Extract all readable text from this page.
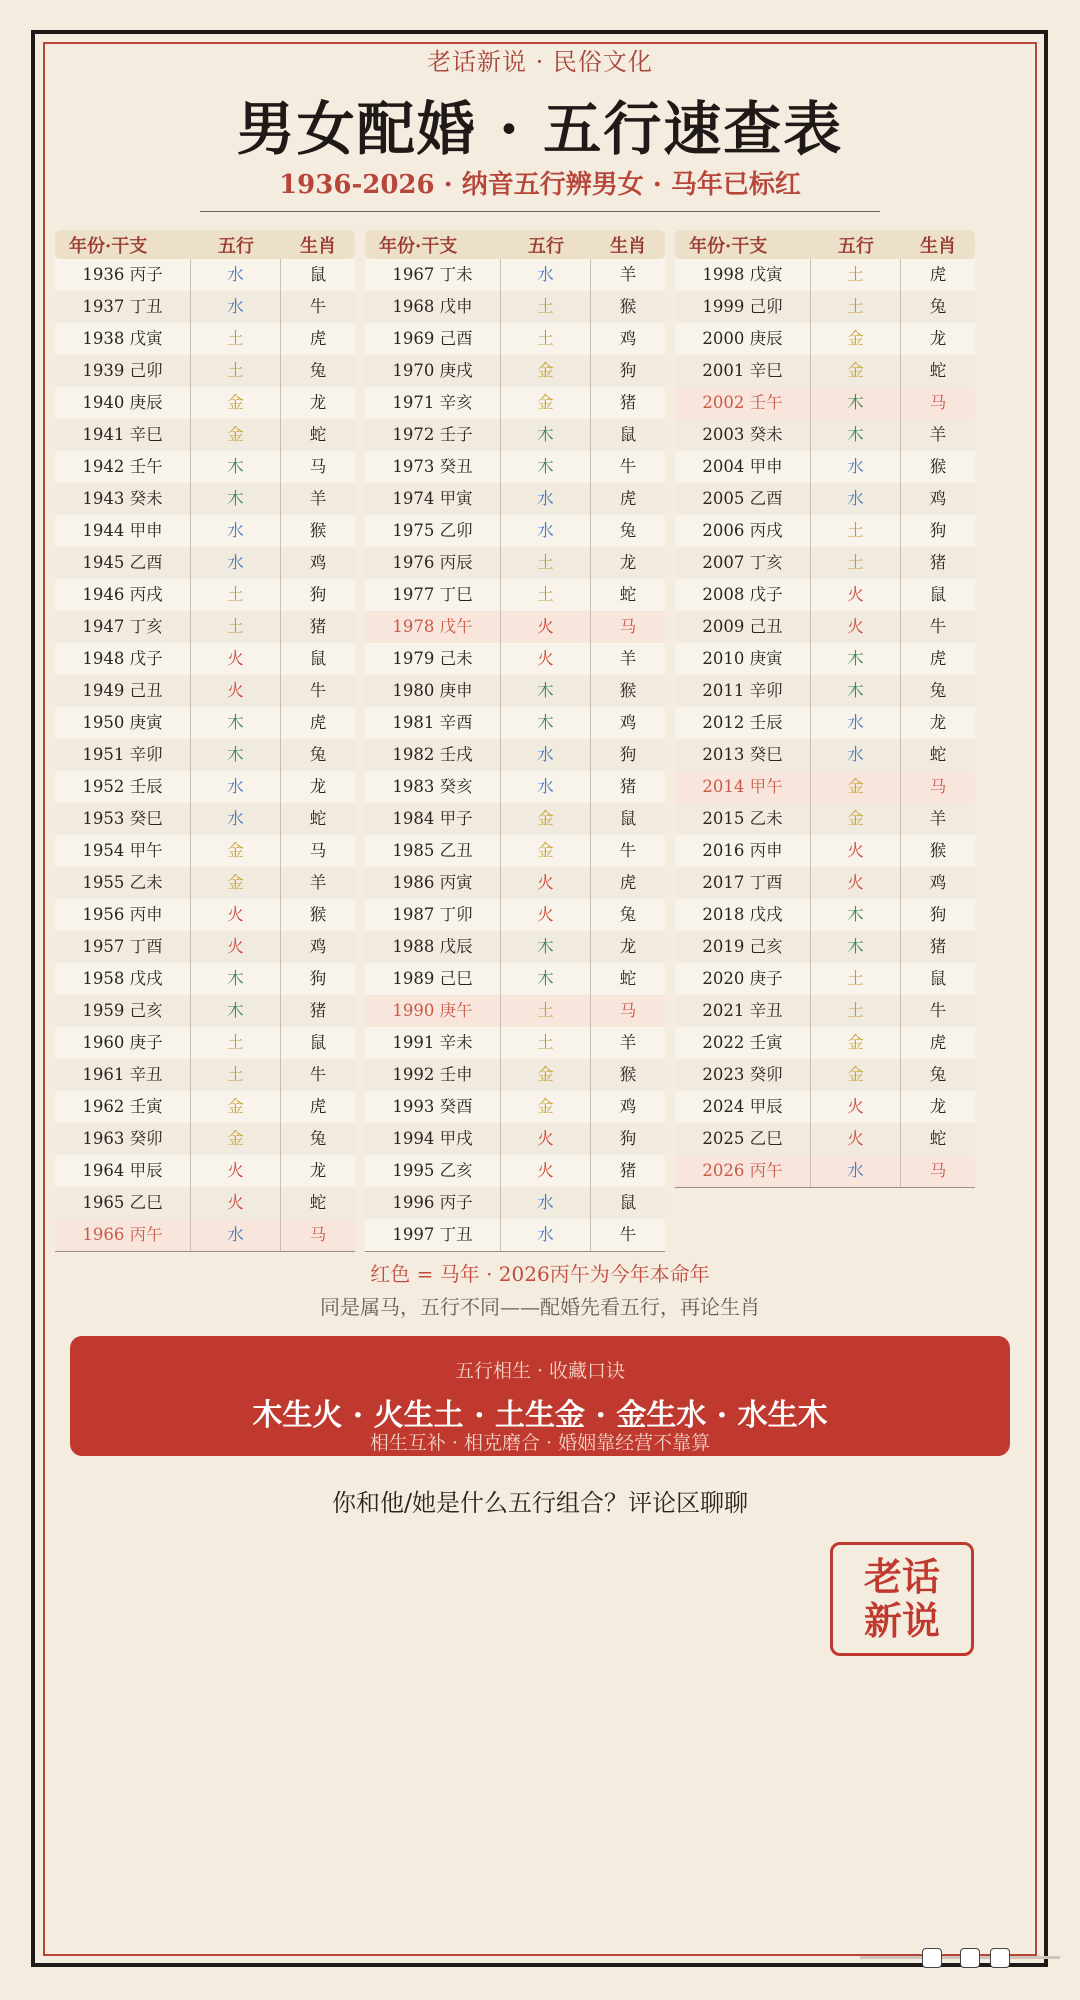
老话新说 · 民俗文化
男女配婚 · 五行速查表
1936-2026 · 纳音五行辨男女 · 马年已标红
年份·干支	五行	生肖
1936 丙子	水	鼠
1937 丁丑	水	牛
1938 戊寅	土	虎
1939 己卯	土	兔
1940 庚辰	金	龙
1941 辛巳	金	蛇
1942 壬午	木	马
1943 癸未	木	羊
1944 甲申	水	猴
1945 乙酉	水	鸡
1946 丙戌	土	狗
1947 丁亥	土	猪
1948 戊子	火	鼠
1949 己丑	火	牛
1950 庚寅	木	虎
1951 辛卯	木	兔
1952 壬辰	水	龙
1953 癸巳	水	蛇
1954 甲午	金	马
1955 乙未	金	羊
1956 丙申	火	猴
1957 丁酉	火	鸡
1958 戊戌	木	狗
1959 己亥	木	猪
1960 庚子	土	鼠
1961 辛丑	土	牛
1962 壬寅	金	虎
1963 癸卯	金	兔
1964 甲辰	火	龙
1965 乙巳	火	蛇
1966 丙午	水	马
年份·干支	五行	生肖
1967 丁未	水	羊
1968 戊申	土	猴
1969 己酉	土	鸡
1970 庚戌	金	狗
1971 辛亥	金	猪
1972 壬子	木	鼠
1973 癸丑	木	牛
1974 甲寅	水	虎
1975 乙卯	水	兔
1976 丙辰	土	龙
1977 丁巳	土	蛇
1978 戊午	火	马
1979 己未	火	羊
1980 庚申	木	猴
1981 辛酉	木	鸡
1982 壬戌	水	狗
1983 癸亥	水	猪
1984 甲子	金	鼠
1985 乙丑	金	牛
1986 丙寅	火	虎
1987 丁卯	火	兔
1988 戊辰	木	龙
1989 己巳	木	蛇
1990 庚午	土	马
1991 辛未	土	羊
1992 壬申	金	猴
1993 癸酉	金	鸡
1994 甲戌	火	狗
1995 乙亥	火	猪
1996 丙子	水	鼠
1997 丁丑	水	牛
年份·干支	五行	生肖
1998 戊寅	土	虎
1999 己卯	土	兔
2000 庚辰	金	龙
2001 辛巳	金	蛇
2002 壬午	木	马
2003 癸未	木	羊
2004 甲申	水	猴
2005 乙酉	水	鸡
2006 丙戌	土	狗
2007 丁亥	土	猪
2008 戊子	火	鼠
2009 己丑	火	牛
2010 庚寅	木	虎
2011 辛卯	木	兔
2012 壬辰	水	龙
2013 癸巳	水	蛇
2014 甲午	金	马
2015 乙未	金	羊
2016 丙申	火	猴
2017 丁酉	火	鸡
2018 戊戌	木	狗
2019 己亥	木	猪
2020 庚子	土	鼠
2021 辛丑	土	牛
2022 壬寅	金	虎
2023 癸卯	金	兔
2024 甲辰	火	龙
2025 乙巳	火	蛇
2026 丙午	水	马
红色 = 马年 · 2026丙午为今年本命年
同是属马，五行不同——配婚先看五行，再论生肖
五行相生 · 收藏口诀
木生火 · 火生土 · 土生金 · 金生水 · 水生木
相生互补 · 相克磨合 · 婚姻靠经营不靠算
你和他/她是什么五行组合？评论区聊聊
老话
新说
